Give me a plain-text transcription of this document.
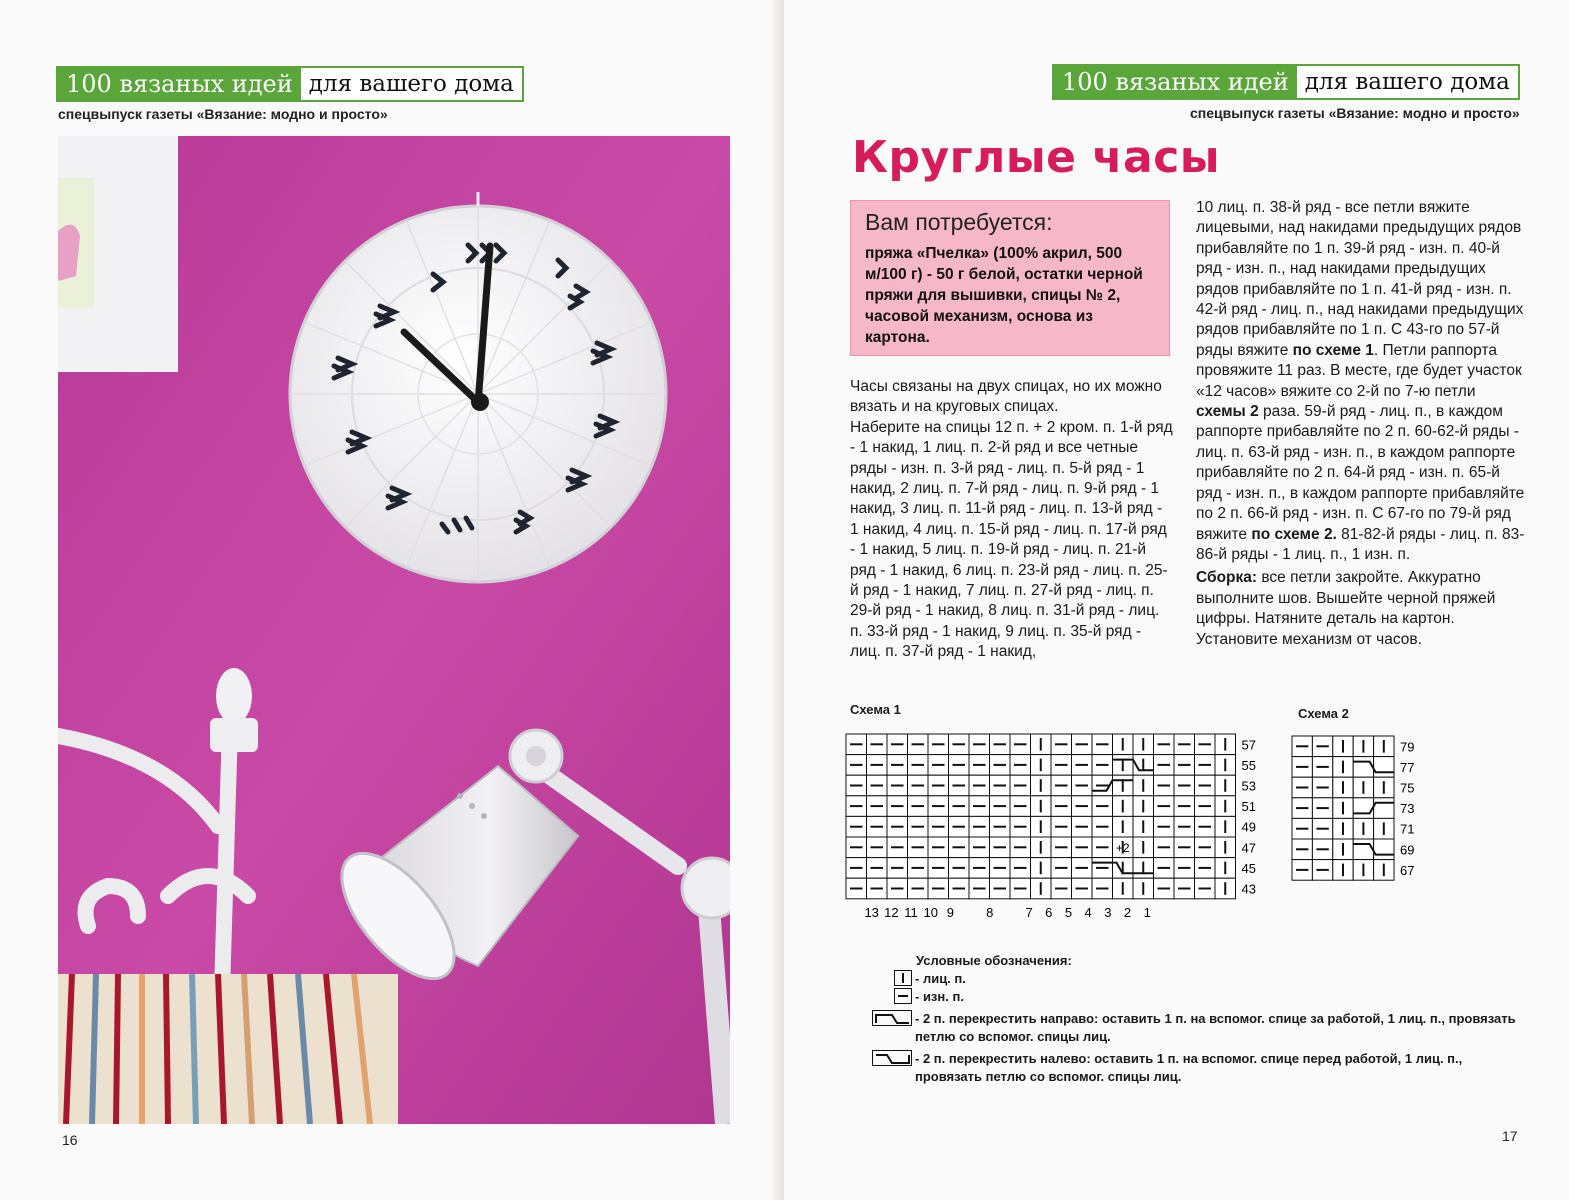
100 вязаных идей для вашего дома
спецвыпуск газеты «Вязание: модно и просто»
16
100 вязаных идей для вашего дома
спецвыпуск газеты «Вязание: модно и просто»
Круглые часы
Вам потребуется:
пряжа «Пчелка» (100% акрил, 500 м/100 г) - 50 г белой, остатки черной пряжи для вышивки, спицы № 2, часовой механизм, основа из картона.

Часы связаны на двух спицах, но их можно вязать и на круговых спицах.

Наберите на спицы 12 п. + 2 кром. п. 1-й ряд - 1 накид, 1 лиц. п. 2-й ряд и все четные ряды - изн. п. 3-й ряд - лиц. п. 5-й ряд - 1 накид, 2 лиц. п. 7-й ряд - лиц. п. 9-й ряд - 1 накид, 3 лиц. п. 11-й ряд - лиц. п. 13-й ряд - 1 накид, 4 лиц. п. 15-й ряд - лиц. п. 17-й ряд - 1 накид, 5 лиц. п. 19-й ряд - лиц. п. 21-й ряд - 1 накид, 6 лиц. п. 23-й ряд - лиц. п. 25-й ряд - 1 накид, 7 лиц. п. 27-й ряд - лиц. п. 29-й ряд - 1 накид, 8 лиц. п. 31-й ряд - лиц. п. 33-й ряд - 1 накид, 9 лиц. п. 35-й ряд - лиц. п. 37-й ряд - 1 накид,

10 лиц. п. 38-й ряд - все петли вяжите лицевыми, над накидами предыдущих рядов прибавляйте по 1 п. 39-й ряд - изн. п. 40-й ряд - изн. п., над накидами предыдущих рядов прибавляйте по 1 п. 41-й ряд - изн. п. 42-й ряд - лиц. п., над накидами предыдущих рядов прибавляйте по 1 п. С 43-го по 57-й ряды вяжите по схеме 1. Петли раппорта провяжите 11 раз. В месте, где будет участок «12 часов» вяжите со 2-й по 7-ю петли схемы 2 раза. 59-й ряд - лиц. п., в каждом раппорте прибавляйте по 2 п. 60-62-й ряды - лиц. п. 63-й ряд - изн. п., в каждом раппорте прибавляйте по 2 п. 64-й ряд - изн. п. 65-й ряд - изн. п., в каждом раппорте прибавляйте по 2 п. 66-й ряд - изн. п. С 67-го по 79-й ряд вяжите по схеме 2. 81-82-й ряды - лиц. п. 83-86-й ряды - 1 лиц. п., 1 изн. п.

Сборка: все петли закройте. Аккуратно выполните шов. Вышейте черной пряжей цифры. Натяните деталь на картон. Установите механизм от часов.

Схема 1
+2
57
55
53
51
49
47
45
43
13 12 11 10 9 8 7 6 5 4 3 2 1
Схема 2
79
77
75
73
71
69
67
Условные обозначения:
- лиц. п.
- изн. п.
- 2 п. перекрестить направо: оставить 1 п. на вспомог. спице за работой, 1 лиц. п., провязать петлю со вспомог. спицы лиц.
- 2 п. перекрестить налево: оставить 1 п. на вспомог. спице перед работой, 1 лиц. п., провязать петлю со вспомог. спицы лиц.
17
